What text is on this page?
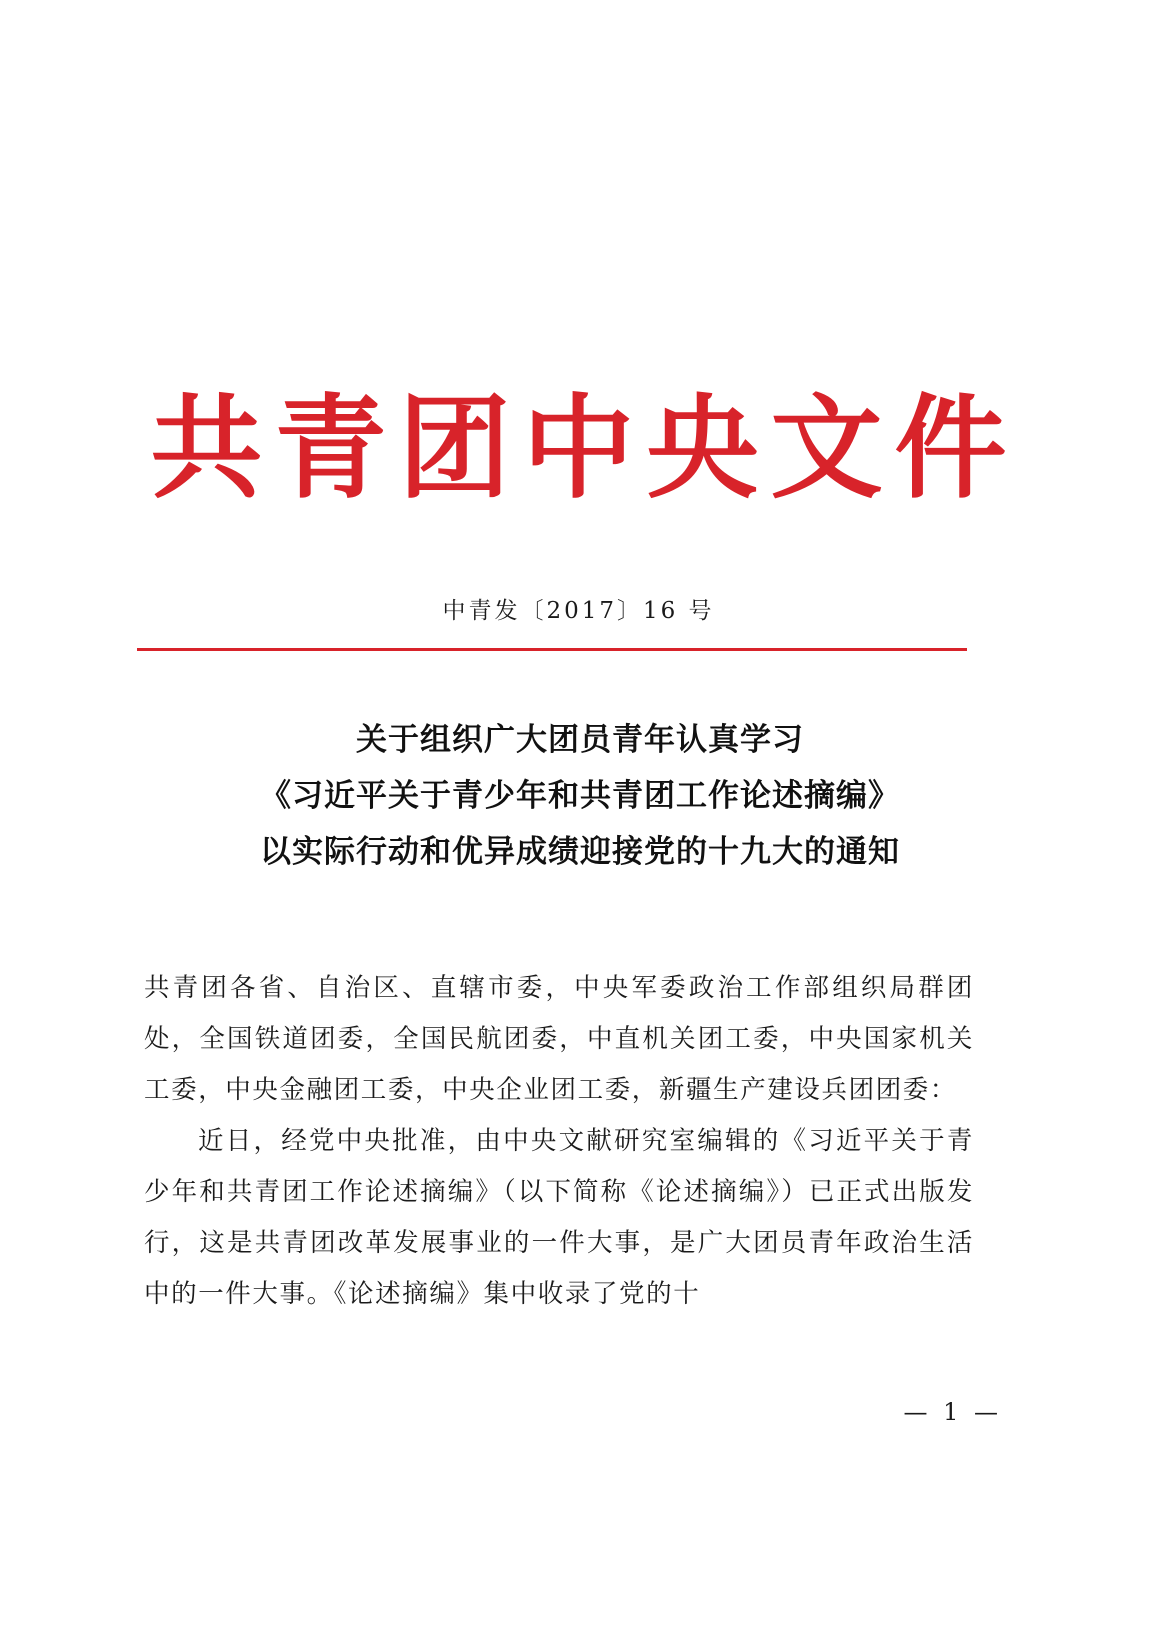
共青团中央文件
中青发〔2017〕16 号
关于组织广大团员青年认真学习
《习近平关于青少年和共青团工作论述摘编》
以实际行动和优异成绩迎接党的十九大的通知

共青团各省、自治区、直辖市委，中央军委政治工作部组织局群团处，全国铁道团委，全国民航团委，中直机关团工委，中央国家机关工委，中央金融团工委，中央企业团工委，新疆生产建设兵团团委：

近日，经党中央批准，由中央文献研究室编辑的《习近平关于青少年和共青团工作论述摘编》（以下简称《论述摘编》）已正式出版发行，这是共青团改革发展事业的一件大事，是广大团员青年政治生活中的一件大事。《论述摘编》集中收录了党的十

— 1 —
